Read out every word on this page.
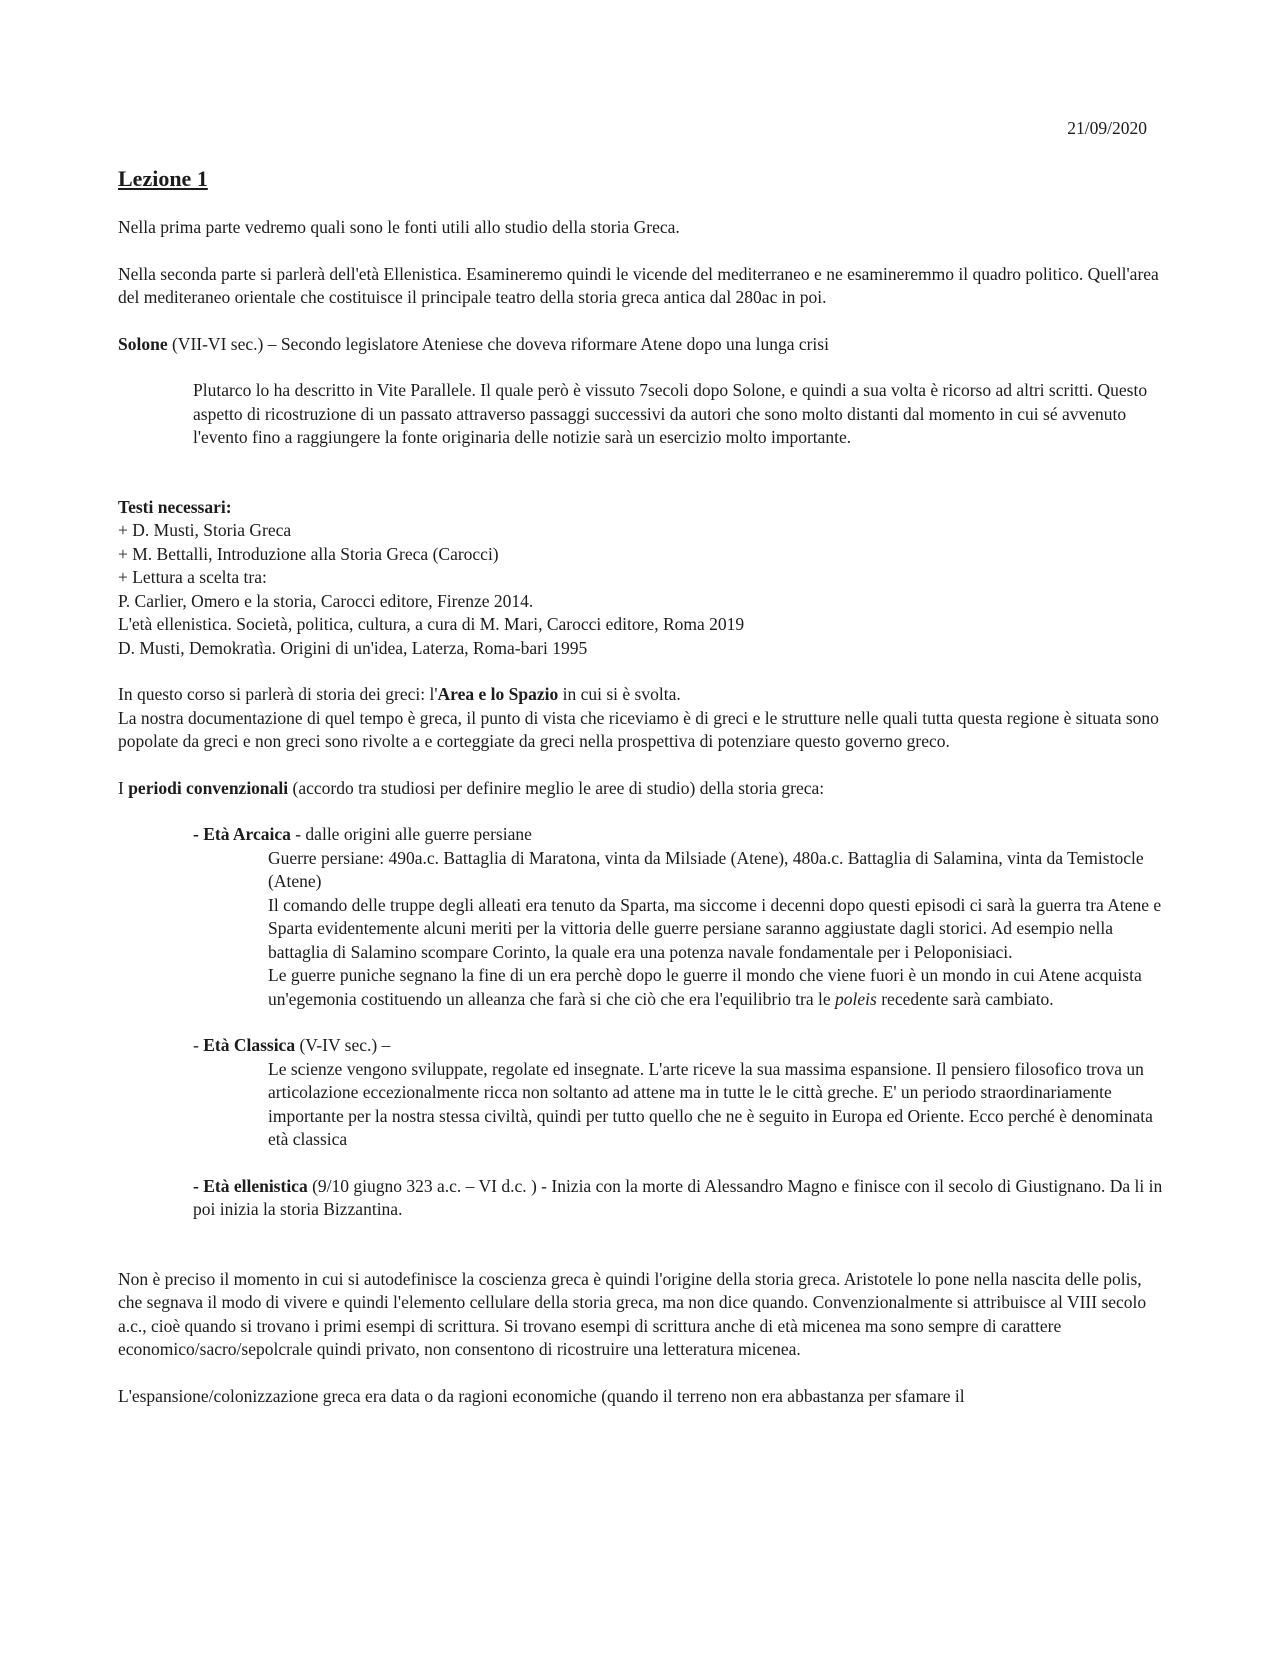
21/09/2020
Lezione 1

Nella prima parte vedremo quali sono le fonti utili allo studio della storia Greca.

Nella seconda parte si parlerà dell'età Ellenistica. Esamineremo quindi le vicende del mediterraneo e ne esamineremmo il quadro politico. Quell'area del mediteraneo orientale che costituisce il principale teatro della storia greca antica dal 280ac in poi.

Solone (VII-VI sec.) – Secondo legislatore Ateniese che doveva riformare Atene dopo una lunga crisi

Plutarco lo ha descritto in Vite Parallele. Il quale però è vissuto 7secoli dopo Solone, e quindi a sua volta è ricorso ad altri scritti. Questo aspetto di ricostruzione di un passato attraverso passaggi successivi da autori che sono molto distanti dal momento in cui sé avvenuto l'evento fino a raggiungere la fonte originaria delle notizie sarà un esercizio molto importante.

Testi necessari:
+ D. Musti, Storia Greca
+ M. Bettalli, Introduzione alla Storia Greca (Carocci)
+ Lettura a scelta tra:
P. Carlier, Omero e la storia, Carocci editore, Firenze 2014.
L'età ellenistica. Società, politica, cultura, a cura di M. Mari, Carocci editore, Roma 2019
D. Musti, Demokratìa. Origini di un'idea, Laterza, Roma-bari 1995

In questo corso si parlerà di storia dei greci: l'Area e lo Spazio in cui si è svolta.
La nostra documentazione di quel tempo è greca, il punto di vista che riceviamo è di greci e le strutture nelle quali tutta questa regione è situata sono popolate da greci e non greci sono rivolte a e corteggiate da greci nella prospettiva di potenziare questo governo greco.

I periodi convenzionali (accordo tra studiosi per definire meglio le aree di studio) della storia greca:

- Età Arcaica - dalle origini alle guerre persiane
Guerre persiane: 490a.c. Battaglia di Maratona, vinta da Milsiade (Atene), 480a.c. Battaglia di Salamina, vinta da Temistocle (Atene)
Il comando delle truppe degli alleati era tenuto da Sparta, ma siccome i decenni dopo questi episodi ci sarà la guerra tra Atene e Sparta evidentemente alcuni meriti per la vittoria delle guerre persiane saranno aggiustate dagli storici. Ad esempio nella battaglia di Salamino scompare Corinto, la quale era una potenza navale fondamentale per i Peloponisiaci.
Le guerre puniche segnano la fine di un era perchè dopo le guerre il mondo che viene fuori è un mondo in cui Atene acquista un'egemonia costituendo un alleanza che farà si che ciò che era l'equilibrio tra le poleis recedente sarà cambiato.
- Età Classica (V-IV sec.) –
Le scienze vengono sviluppate, regolate ed insegnate. L'arte riceve la sua massima espansione. Il pensiero filosofico trova un articolazione eccezionalmente ricca non soltanto ad attene ma in tutte le le città greche. E' un periodo straordinariamente importante per la nostra stessa civiltà, quindi per tutto quello che ne è seguito in Europa ed Oriente. Ecco perché è denominata età classica
- Età ellenistica (9/10 giugno 323 a.c. – VI d.c. ) - Inizia con la morte di Alessandro Magno e finisce con il secolo di Giustignano. Da li in poi inizia la storia Bizzantina.

Non è preciso il momento in cui si autodefinisce la coscienza greca è quindi l'origine della storia greca. Aristotele lo pone nella nascita delle polis, che segnava il modo di vivere e quindi l'elemento cellulare della storia greca, ma non dice quando. Convenzionalmente si attribuisce al VIII secolo a.c., cioè quando si trovano i primi esempi di scrittura. Si trovano esempi di scrittura anche di età micenea ma sono sempre di carattere economico/sacro/sepolcrale quindi privato, non consentono di ricostruire una letteratura micenea.

L'espansione/colonizzazione greca era data o da ragioni economiche (quando il terreno non era abbastanza per sfamare il
